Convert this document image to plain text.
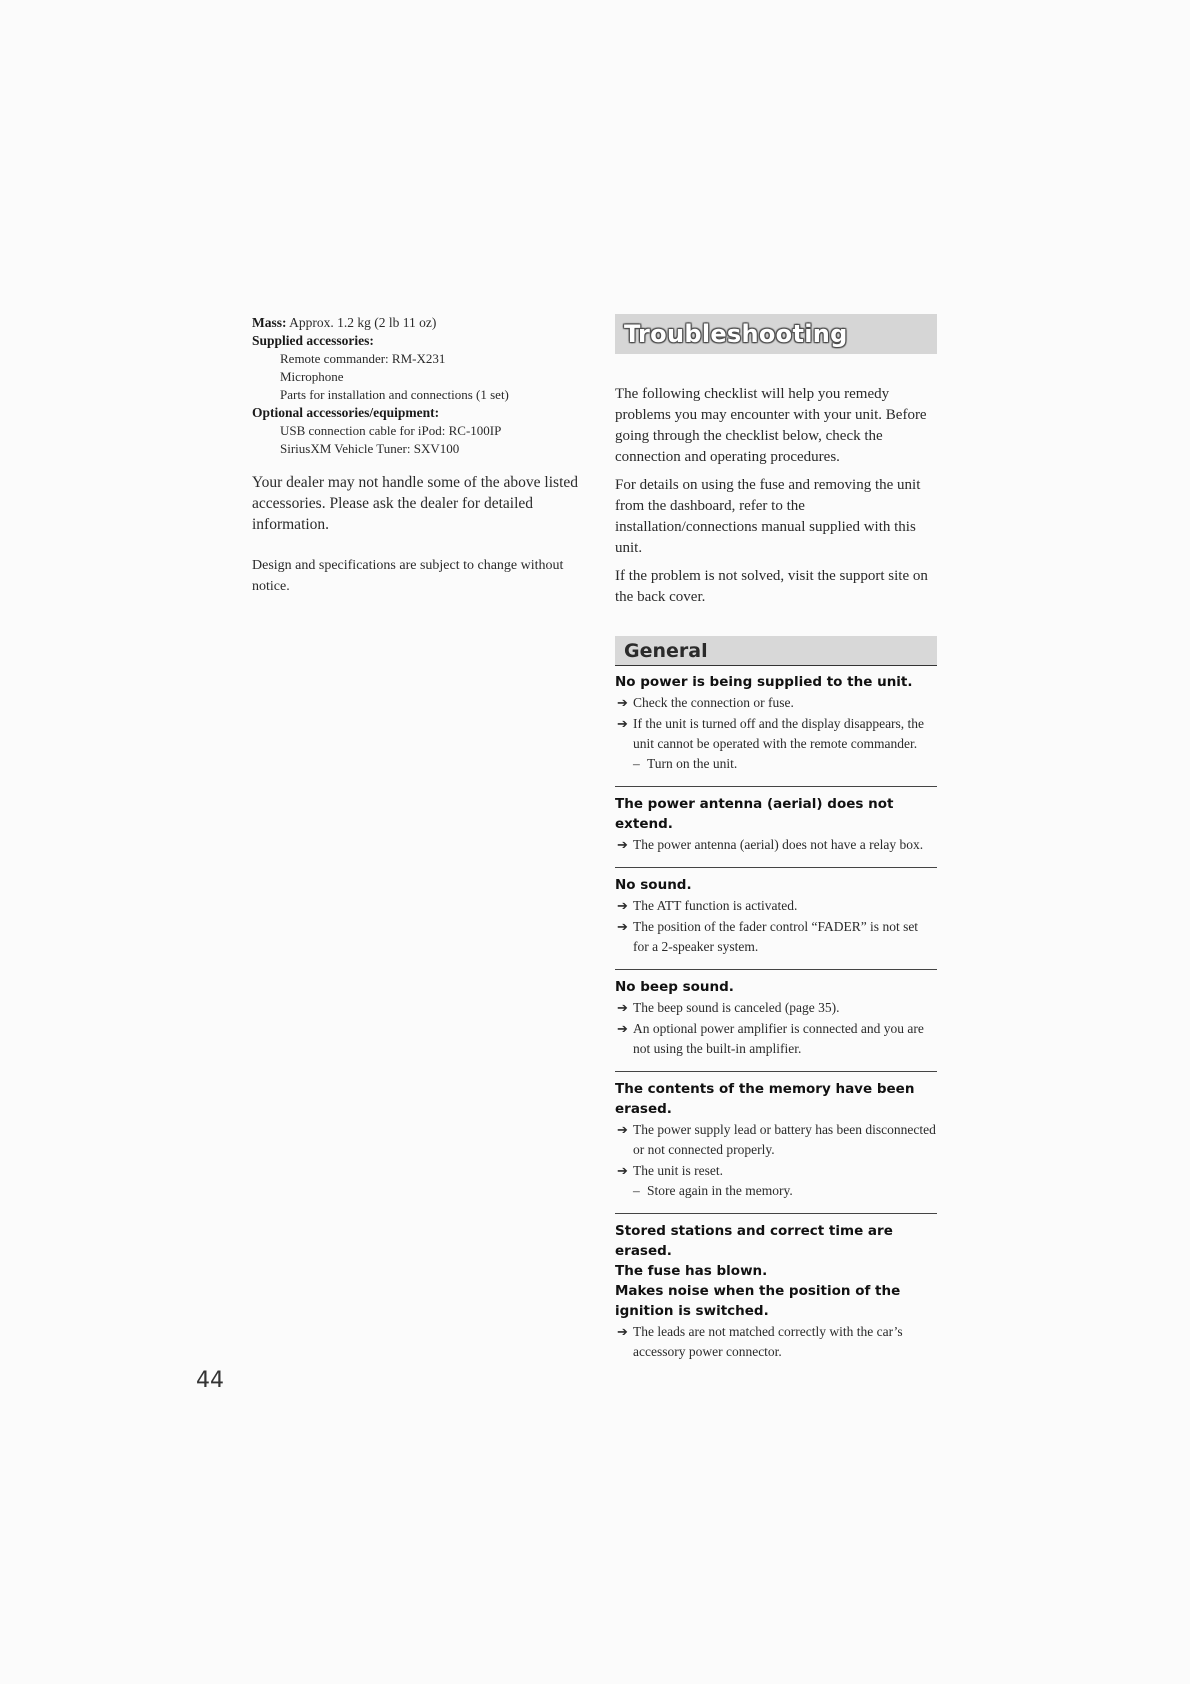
Mass: Approx. 1.2 kg (2 lb 11 oz)
Supplied accessories:
Remote commander: RM-X231
Microphone
Parts for installation and connections (1 set)
Optional accessories/equipment:
USB connection cable for iPod: RC-100IP
SiriusXM Vehicle Tuner: SXV100

Your dealer may not handle some of the above listed accessories. Please ask the dealer for detailed information.

Design and specifications are subject to change without notice.

Troubleshooting

The following checklist will help you remedy problems you may encounter with your unit. Before going through the checklist below, check the connection and operating procedures.

For details on using the fuse and removing the unit from the dashboard, refer to the installation/connections manual supplied with this unit.

If the problem is not solved, visit the support site on the back cover.

General
No power is being supplied to the unit.
➔ Check the connection or fuse.
➔ If the unit is turned off and the display disappears, the unit cannot be operated with the remote commander.
– Turn on the unit.
The power antenna (aerial) does not extend.
➔ The power antenna (aerial) does not have a relay box.
No sound.
➔ The ATT function is activated.
➔ The position of the fader control “FADER” is not set for a 2-speaker system.
No beep sound.
➔ The beep sound is canceled (page 35).
➔ An optional power amplifier is connected and you are not using the built-in amplifier.
The contents of the memory have been erased.
➔ The power supply lead or battery has been disconnected or not connected properly.
➔ The unit is reset.
– Store again in the memory.
Stored stations and correct time are erased.
The fuse has blown.
Makes noise when the position of the ignition is switched.
➔ The leads are not matched correctly with the car’s accessory power connector.
44
